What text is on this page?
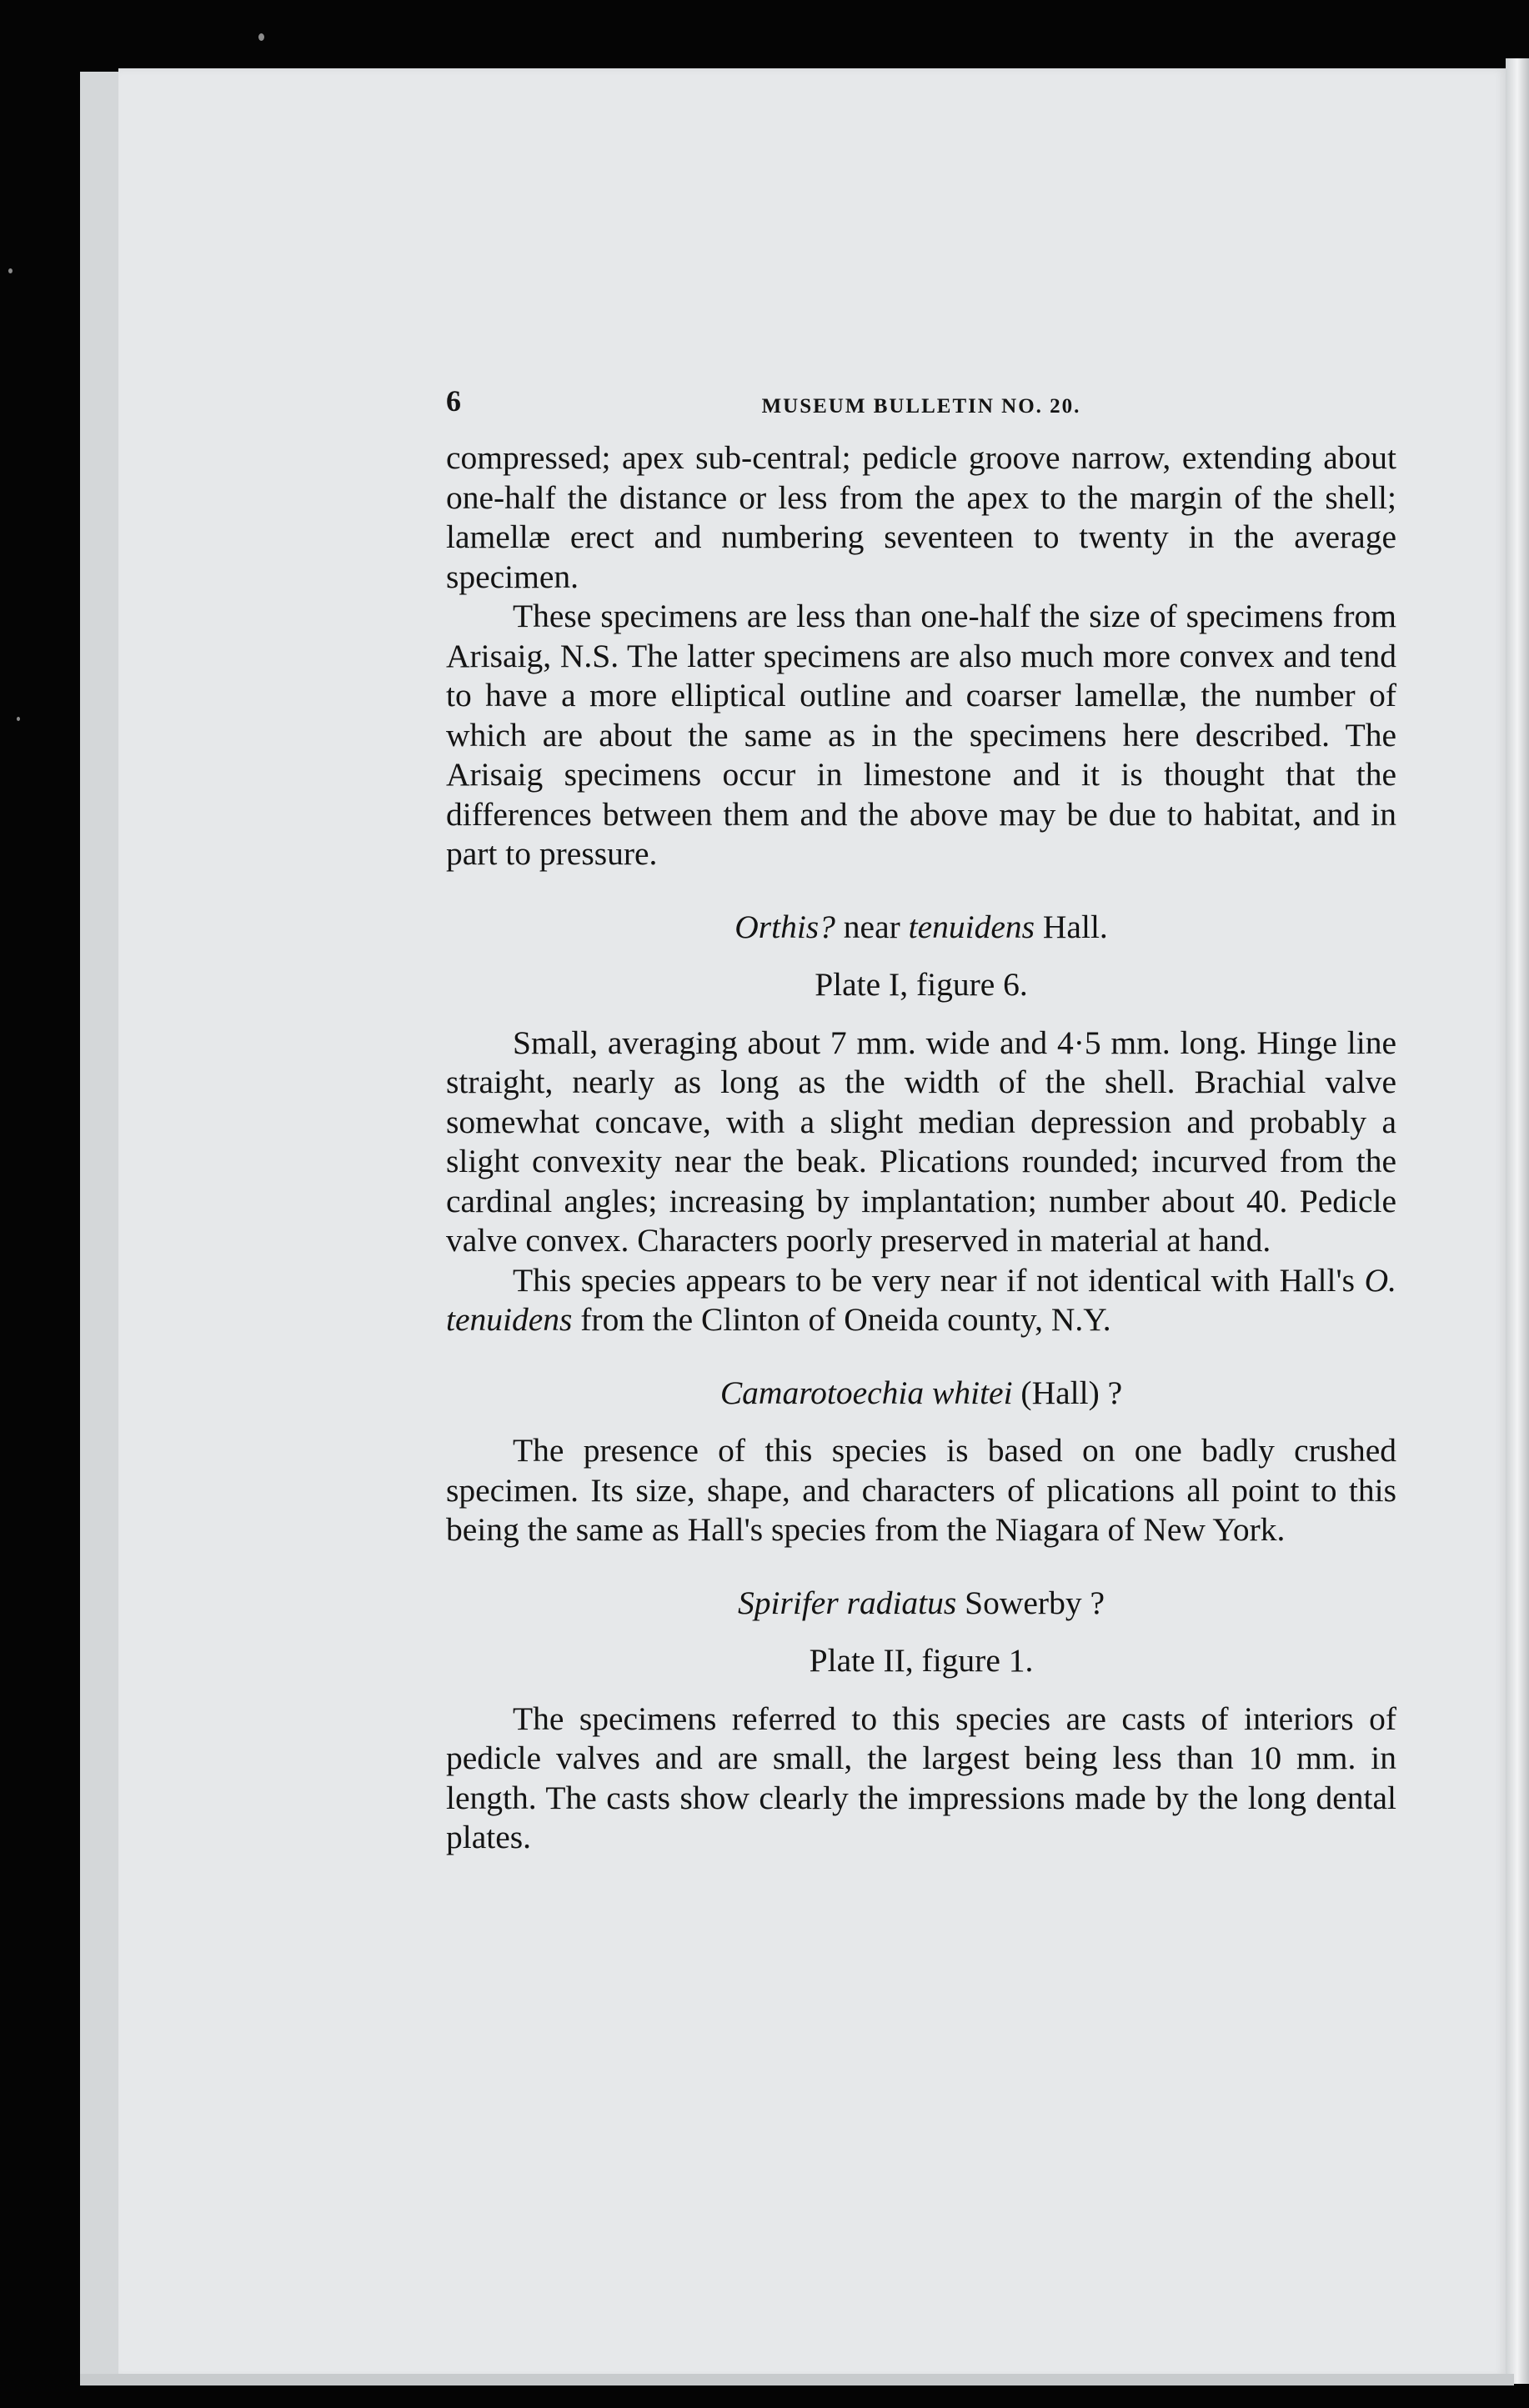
6	MUSEUM BULLETIN NO. 20.

compressed; apex sub-central; pedicle groove narrow, extending about one-half the distance or less from the apex to the margin of the shell; lamellæ erect and numbering seventeen to twenty in the average specimen.

These specimens are less than one-half the size of specimens from Arisaig, N.S. The latter specimens are also much more convex and tend to have a more elliptical outline and coarser lamellæ, the number of which are about the same as in the specimens here described. The Arisaig specimens occur in limestone and it is thought that the differences between them and the above may be due to habitat, and in part to pressure.

Orthis? near tenuidens Hall.

Plate I, figure 6.

Small, averaging about 7 mm. wide and 4·5 mm. long. Hinge line straight, nearly as long as the width of the shell. Brachial valve somewhat concave, with a slight median depression and probably a slight convexity near the beak. Plications rounded; incurved from the cardinal angles; increasing by implantation; number about 40. Pedicle valve convex. Characters poorly preserved in material at hand.

This species appears to be very near if not identical with Hall's O. tenuidens from the Clinton of Oneida county, N.Y.

Camarotoechia whitei (Hall) ?

The presence of this species is based on one badly crushed specimen. Its size, shape, and characters of plications all point to this being the same as Hall's species from the Niagara of New York.

Spirifer radiatus Sowerby ?

Plate II, figure 1.

The specimens referred to this species are casts of interiors of pedicle valves and are small, the largest being less than 10 mm. in length. The casts show clearly the impressions made by the long dental plates.
